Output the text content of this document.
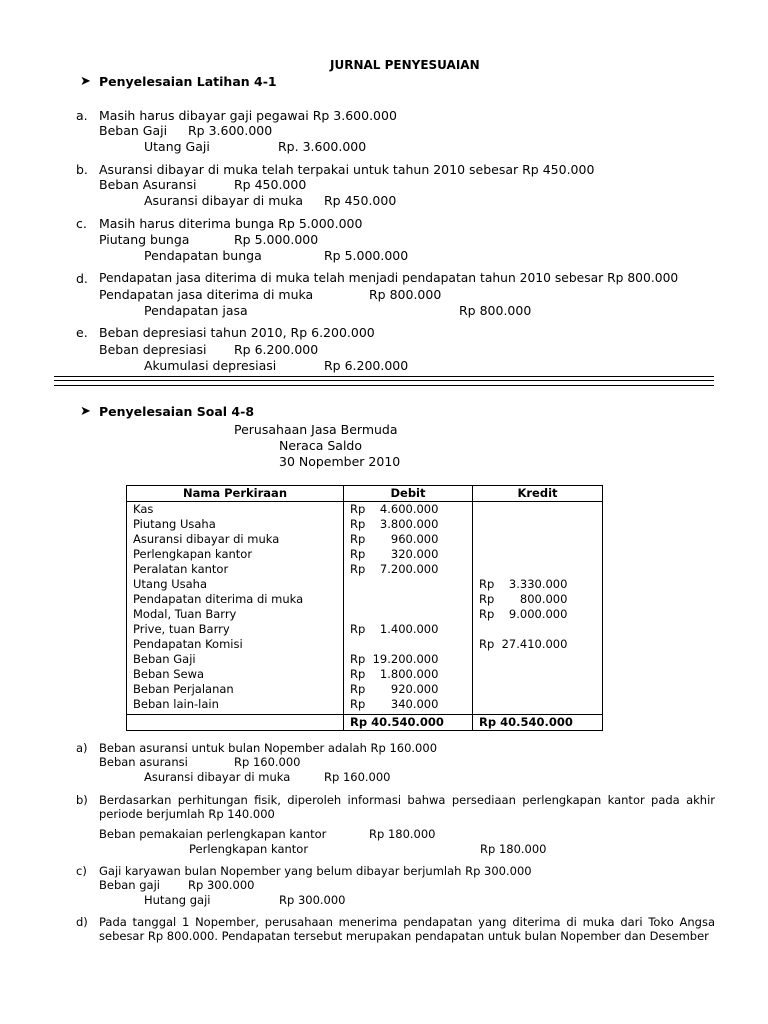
JURNAL PENYESUAIAN
➤ Penyelesaian Latihan 4-1
a. Masih harus dibayar gaji pegawai Rp 3.600.000
Beban Gaji Rp 3.600.000
Utang Gaji	Rp. 3.600.000
b. Asuransi dibayar di muka telah terpakai untuk tahun 2010 sebesar Rp 450.000
Beban Asuransi	Rp 450.000
Asuransi dibayar di muka Rp 450.000
c. Masih harus diterima bunga Rp 5.000.000
Piutang bunga	Rp 5.000.000
Pendapatan bunga	Rp 5.000.000
d. Pendapatan jasa diterima di muka telah menjadi pendapatan tahun 2010 sebesar Rp 800.000
Pendapatan jasa diterima di muka	Rp 800.000
Pendapatan jasa	Rp 800.000
e. Beban depresiasi tahun 2010, Rp 6.200.000
Beban depresiasi Rp 6.200.000
Akumulasi depresiasi	Rp 6.200.000
➤ Penyelesaian Soal 4-8
Perusahaan Jasa Bermuda
Neraca Saldo
30 Nopember 2010
Nama Perkiraan	Debit	Kredit
Kas	Rp    4.600.000	
Piutang Usaha	Rp    3.800.000	
Asuransi dibayar di muka	Rp       960.000	
Perlengkapan kantor	Rp       320.000	
Peralatan kantor	Rp    7.200.000	
Utang Usaha		Rp    3.330.000
Pendapatan diterima di muka		Rp       800.000
Modal, Tuan Barry		Rp    9.000.000
Prive, tuan Barry	Rp    1.400.000	
Pendapatan Komisi		Rp  27.410.000
Beban Gaji	Rp  19.200.000	
Beban Sewa	Rp    1.800.000	
Beban Perjalanan	Rp       920.000	
Beban lain-lain	Rp       340.000	
	Rp 40.540.000	Rp 40.540.000
a) Beban asuransi untuk bulan Nopember adalah Rp 160.000
Beban asuransi	Rp 160.000
Asuransi dibayar di muka	Rp 160.000
b) Berdasarkan perhitungan fisik, diperoleh informasi bahwa persediaan perlengkapan kantor pada akhir periode berjumlah Rp 140.000
Beban pemakaian perlengkapan kantor	Rp 180.000
Perlengkapan kantor	Rp 180.000
c) Gaji karyawan bulan Nopember yang belum dibayar berjumlah Rp 300.000
Beban gaji Rp 300.000
Hutang gaji	Rp 300.000
d) Pada tanggal 1 Nopember, perusahaan menerima pendapatan yang diterima di muka dari Toko Angsa sebesar Rp 800.000. Pendapatan tersebut merupakan pendapatan untuk bulan Nopember dan Desember
